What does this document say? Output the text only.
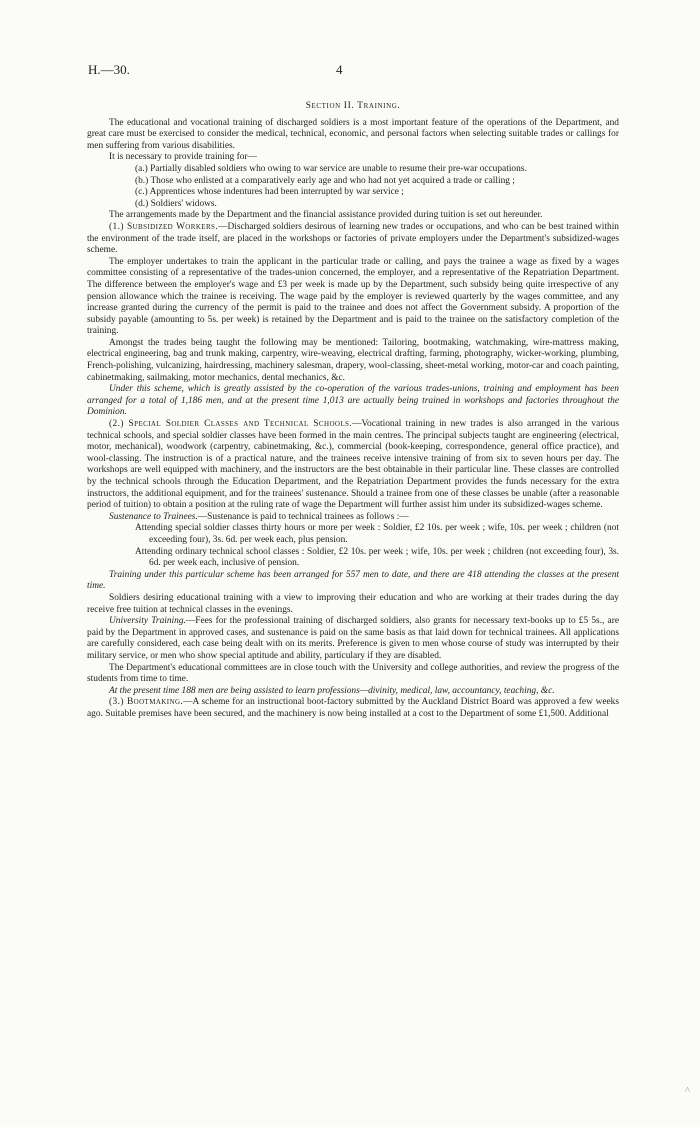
H.—30.	4
Section II. Training.

The educational and vocational training of discharged soldiers is a most important feature of the operations of the Department, and great care must be exercised to consider the medical, technical, economic, and personal factors when selecting suitable trades or callings for men suffering from various disabilities.

It is necessary to provide training for—

(a.) Partially disabled soldiers who owing to war service are unable to resume their pre-war occupations.
(b.) Those who enlisted at a comparatively early age and who had not yet acquired a trade or calling ;
(c.) Apprentices whose indentures had been interrupted by war service ;
(d.) Soldiers' widows.

The arrangements made by the Department and the financial assistance provided during tuition is set out hereunder.

(1.) Subsidized Workers.—Discharged soldiers desirous of learning new trades or occupations, and who can be best trained within the environment of the trade itself, are placed in the workshops or factories of private employers under the Department's subsidized-wages scheme.

The employer undertakes to train the applicant in the particular trade or calling, and pays the trainee a wage as fixed by a wages committee consisting of a representative of the trades-union concerned, the employer, and a representative of the Repatriation Department. The difference between the employer's wage and £3 per week is made up by the Department, such subsidy being quite irrespective of any pension allowance which the trainee is receiving. The wage paid by the employer is reviewed quarterly by the wages committee, and any increase granted during the currency of the permit is paid to the trainee and does not affect the Government subsidy. A proportion of the subsidy payable (amounting to 5s. per week) is retained by the Department and is paid to the trainee on the satisfactory completion of the training.

Amongst the trades being taught the following may be mentioned: Tailoring, bootmaking, watchmaking, wire-mattress making, electrical engineering, bag and trunk making, carpentry, wire-weaving, electrical drafting, farming, photography, wicker-working, plumbing, French-polishing, vulcanizing, hairdressing, machinery salesman, drapery, wool-classing, sheet-metal working, motor-car and coach painting, cabinetmaking, sailmaking, motor mechanics, dental mechanics, &c.

Under this scheme, which is greatly assisted by the co-operation of the various trades-unions, training and employment has been arranged for a total of 1,186 men, and at the present time 1,013 are actually being trained in workshops and factories throughout the Dominion.

(2.) Special Soldier Classes and Technical Schools.—Vocational training in new trades is also arranged in the various technical schools, and special soldier classes have been formed in the main centres. The principal subjects taught are engineering (electrical, motor, mechanical), woodwork (carpentry, cabinetmaking, &c.), commercial (book-keeping, correspondence, general office practice), and wool-classing. The instruction is of a practical nature, and the trainees receive intensive training of from six to seven hours per day. The workshops are well equipped with machinery, and the instructors are the best obtainable in their particular line. These classes are controlled by the technical schools through the Education Department, and the Repatriation Department provides the funds necessary for the extra instructors, the additional equipment, and for the trainees' sustenance. Should a trainee from one of these classes be unable (after a reasonable period of tuition) to obtain a position at the ruling rate of wage the Department will further assist him under its subsidized-wages scheme.

Sustenance to Trainees.—Sustenance is paid to technical trainees as follows :—

Attending special soldier classes thirty hours or more per week : Soldier, £2 10s. per week ; wife, 10s. per week ; children (not exceeding four), 3s. 6d. per week each, plus pension.

Attending ordinary technical school classes : Soldier, £2 10s. per week ; wife, 10s. per week ; children (not exceeding four), 3s. 6d. per week each, inclusive of pension.

Training under this particular scheme has been arranged for 557 men to date, and there are 418 attending the classes at the present time.

Soldiers desiring educational training with a view to improving their education and who are working at their trades during the day receive free tuition at technical classes in the evenings.

University Training.—Fees for the professional training of discharged soldiers, also grants for necessary text-books up to £5 5s., are paid by the Department in approved cases, and sustenance is paid on the same basis as that laid down for technical trainees. All applications are carefully considered, each case being dealt with on its merits. Preference is given to men whose course of study was interrupted by their military service, or men who show special aptitude and ability, particulary if they are disabled.

The Department's educational committees are in close touch with the University and college authorities, and review the progress of the students from time to time.

At the present time 188 men are being assisted to learn professions—divinity, medical, law, accountancy, teaching, &c.

(3.) Bootmaking.—A scheme for an instructional boot-factory submitted by the Auckland District Board was approved a few weeks ago. Suitable premises have been secured, and the machinery is now being installed at a cost to the Department of some £1,500. Additional

^
